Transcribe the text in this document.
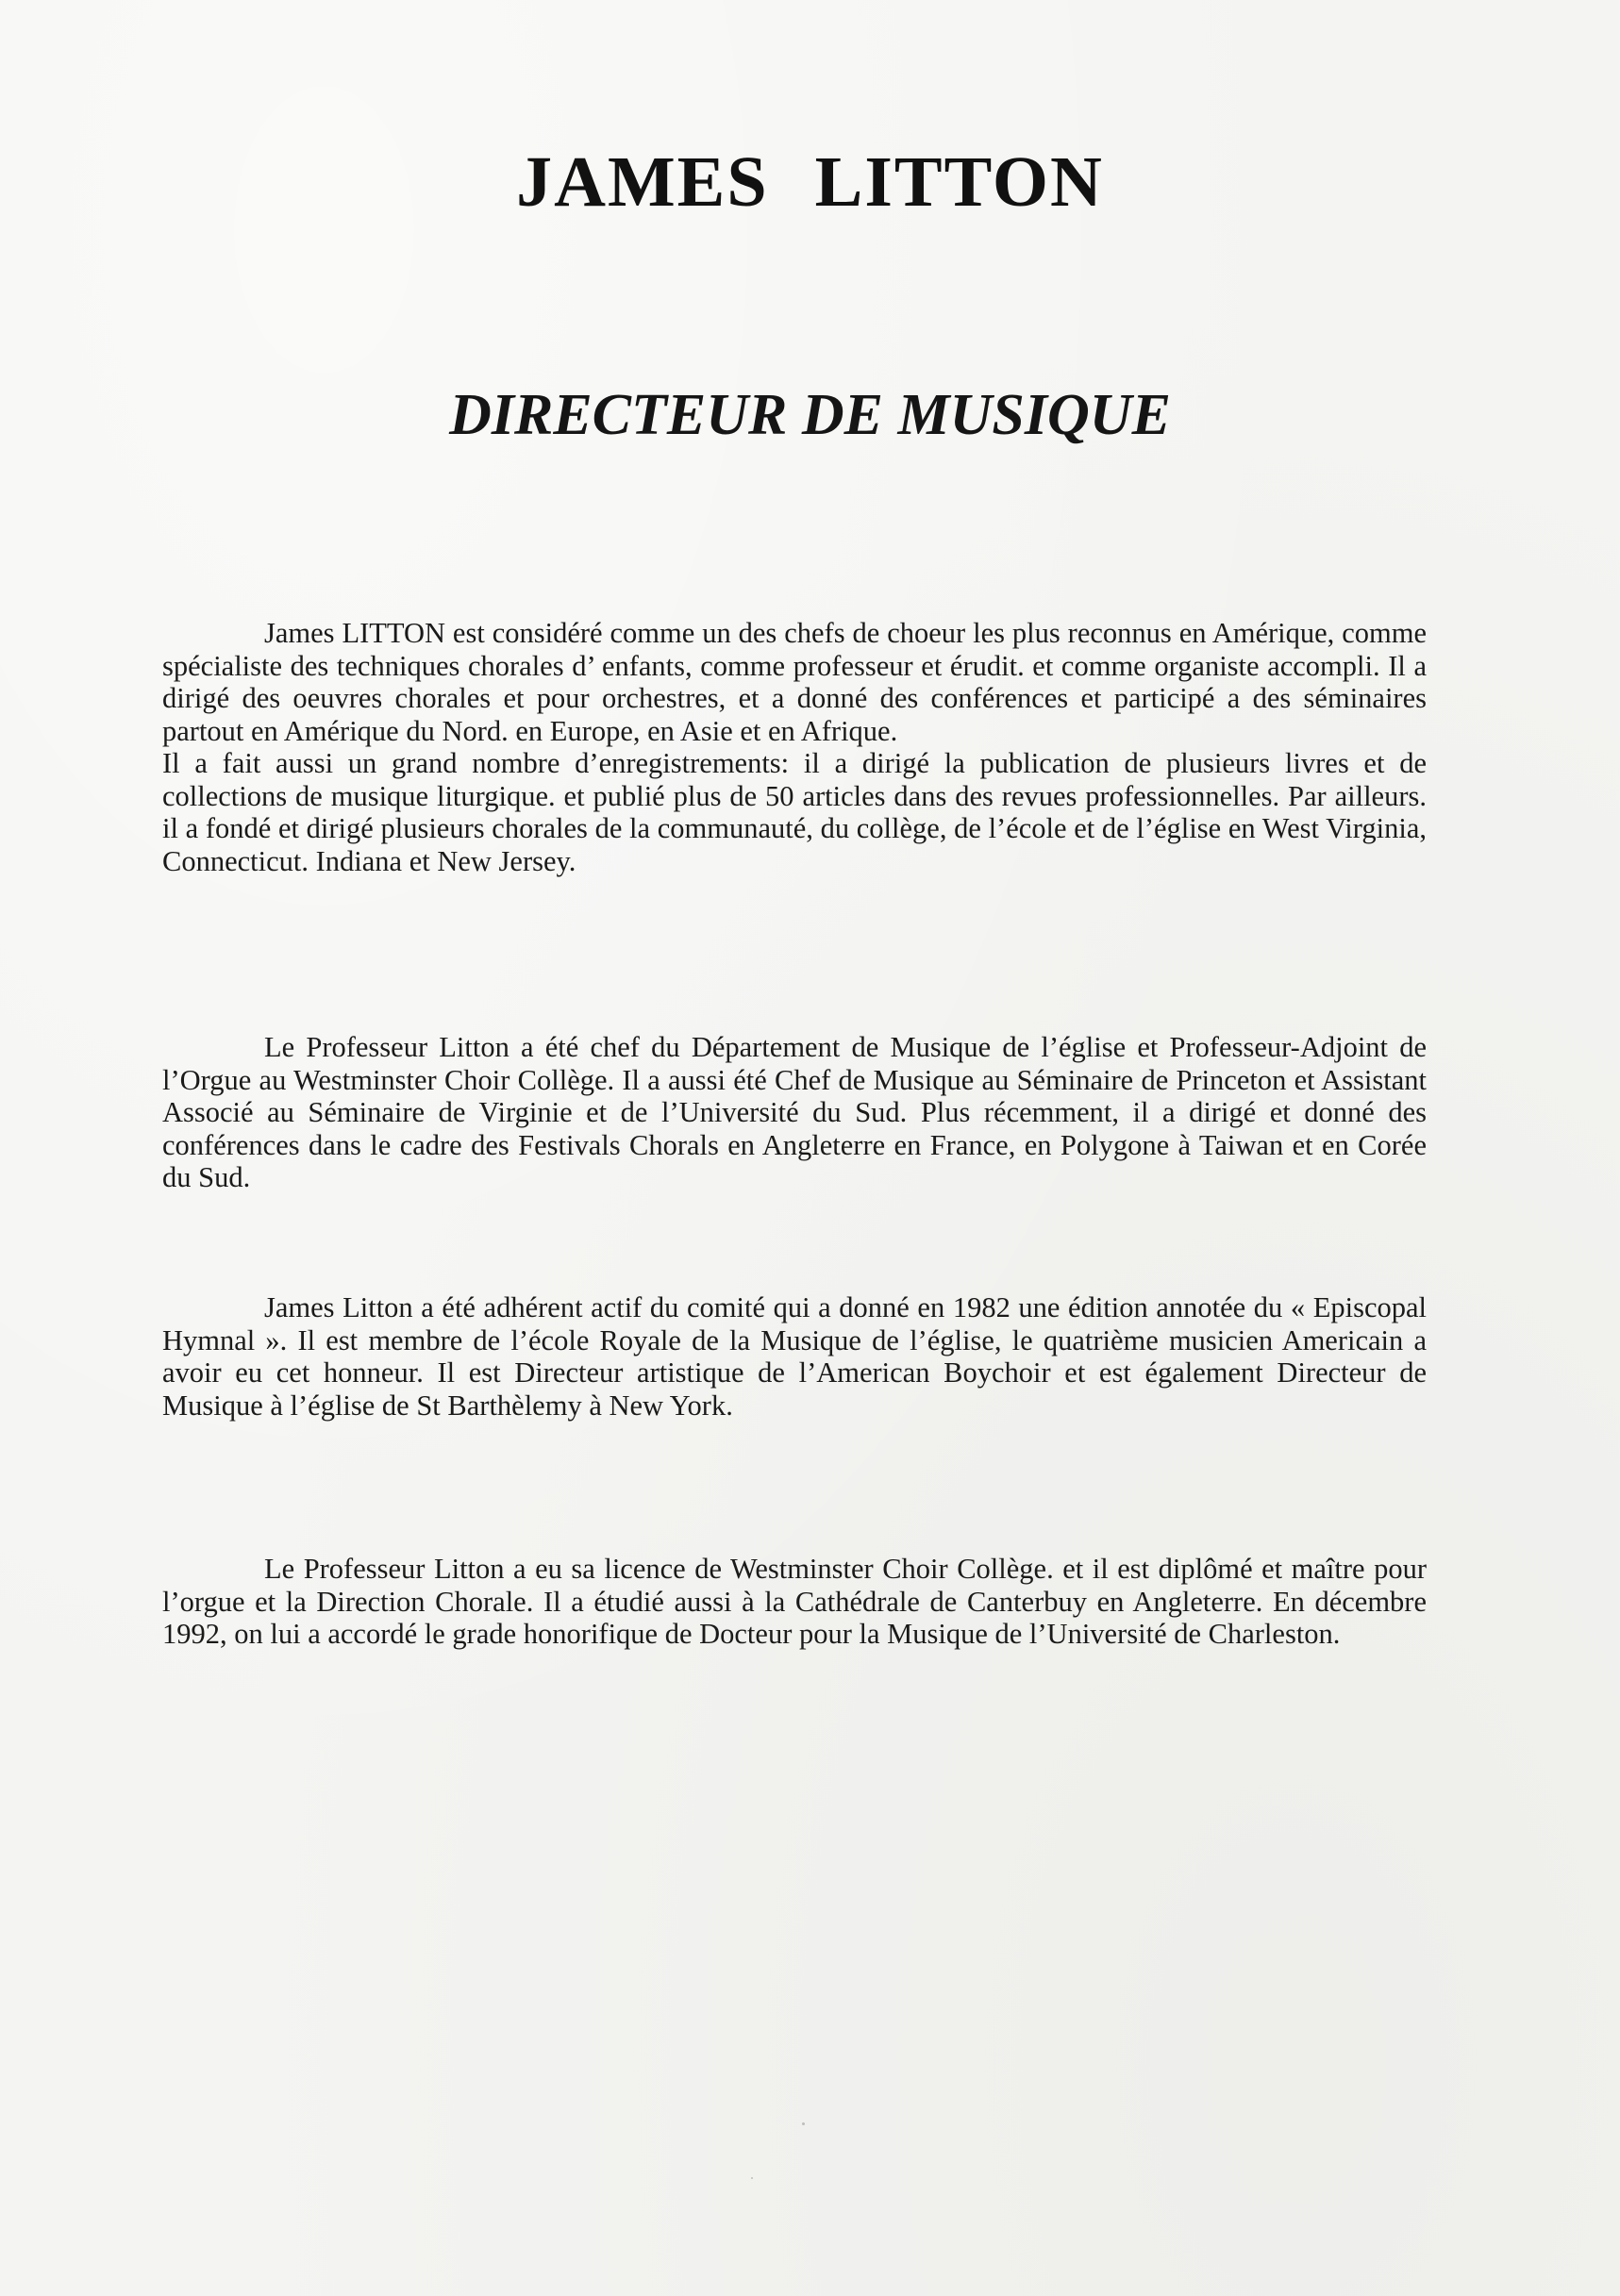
JAMES LITTON
DIRECTEUR DE MUSIQUE

James LITTON est considéré comme un des chefs de choeur les plus reconnus en Amérique, comme spécialiste des techniques chorales d’ enfants, comme professeur et érudit. et comme organiste accompli. Il a dirigé des oeuvres chorales et pour orchestres, et a donné des conférences et participé a des séminaires partout en Amérique du Nord. en Europe, en Asie et en Afrique.

Il a fait aussi un grand nombre d’enregistrements: il a dirigé la publication de plusieurs livres et de collections de musique liturgique. et publié plus de 50 articles dans des revues professionnelles. Par ailleurs. il a fondé et dirigé plusieurs chorales de la communauté, du collège, de l’école et de l’église en West Virginia, Connecticut. Indiana et New Jersey.

Le Professeur Litton a été chef du Département de Musique de l’église et Professeur-Adjoint de l’Orgue au Westminster Choir Collège. Il a aussi été Chef de Musique au Séminaire de Princeton et Assistant Associé au Séminaire de Virginie et de l’Université du Sud. Plus récemment, il a dirigé et donné des conférences dans le cadre des Festivals Chorals en Angleterre en France, en Polygone à Taiwan et en Corée du Sud.

James Litton a été adhérent actif du comité qui a donné en 1982 une édition annotée du « Episcopal Hymnal ». Il est membre de l’école Royale de la Musique de l’église, le quatrième musicien Americain a avoir eu cet honneur. Il est Directeur artistique de l’American Boychoir et est également Directeur de Musique à l’église de St Barthèlemy à New York.

Le Professeur Litton a eu sa licence de Westminster Choir Collège. et il est diplômé et maître pour l’orgue et la Direction Chorale. Il a étudié aussi à la Cathédrale de Canterbuy en Angleterre. En décembre 1992, on lui a accordé le grade honorifique de Docteur pour la Musique de l’Université de Charleston.
